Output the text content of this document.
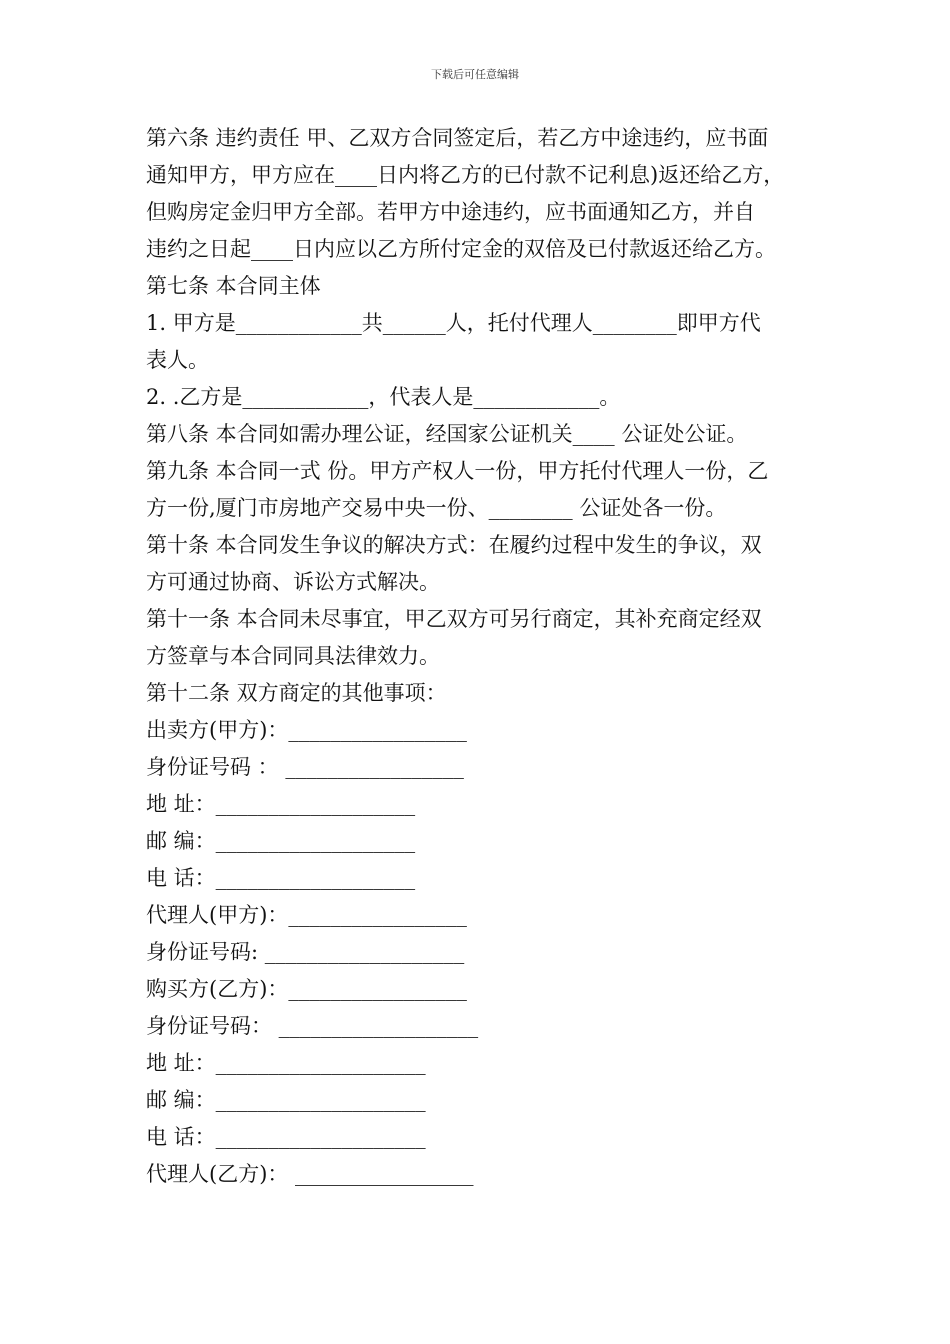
下载后可任意编辑
第六条 违约责任 甲、乙双方合同签定后，若乙方中途违约，应书面
通知甲方，甲方应在____日内将乙方的已付款不记利息)返还给乙方，
但购房定金归甲方全部。若甲方中途违约，应书面通知乙方，并自
违约之日起____日内应以乙方所付定金的双倍及已付款返还给乙方。
第七条 本合同主体
1. 甲方是____________共______人，托付代理人________即甲方代
表人。
2. .乙方是____________，代表人是____________。
第八条 本合同如需办理公证，经国家公证机关____ 公证处公证。
第九条 本合同一式 份。甲方产权人一份，甲方托付代理人一份，乙
方一份,厦门市房地产交易中央一份、________ 公证处各一份。
第十条 本合同发生争议的解决方式：在履约过程中发生的争议，双
方可通过协商、诉讼方式解决。
第十一条 本合同未尽事宜，甲乙双方可另行商定，其补充商定经双
方签章与本合同同具法律效力。
第十二条 双方商定的其他事项：
出卖方(甲方)：_________________
身份证号码 ： _________________
地 址：___________________
邮 编：___________________
电 话：___________________
代理人(甲方)：_________________
身份证号码: ___________________
购买方(乙方)：_________________
身份证号码： ___________________
地 址：____________________
邮 编：____________________
电 话：____________________
代理人(乙方)： _________________
